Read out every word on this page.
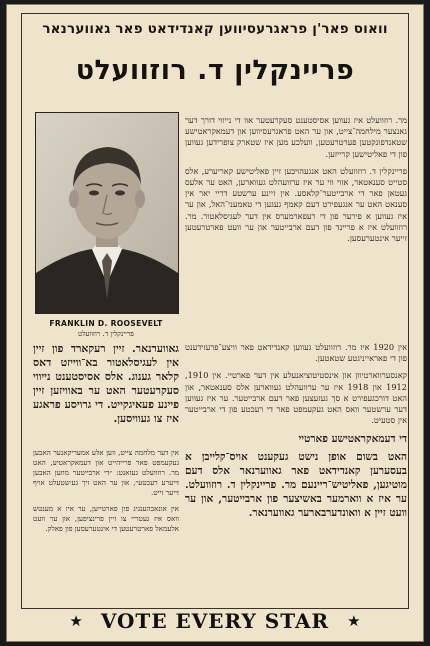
וואוס פאר'ן פראגרעסיווען קאנדידאט פאר גאווערנאר
פריינקלין ד. רוזוועלט
FRANKLIN D. ROOSEVELT
פריינקלין ד. רוזוועלט

מר. רוזוועלט איז געווען אסיסטענט סעקרעטער אוו די נייווי דורך דער גאנצער מילחמה־צייט, און ער האט פראגרעסיווען און דעמאקראטישע שטאנדפונקטען פערטרעטען, וועלכע מען איז שטארק צופרידען געווען פון די פאליטישען קרייזען.

פריינקלין ד. רוזוועלט האט אנגעהויבען זיין פאליטישע קאריערע, אלס סטייט סענאטאר, אזוי ווי ער איז ערוועהלט געווארען, האט ער אלעס געטאן פאר די ארבייטער־קלאסע. אין זיינע ערשטע דריי יאר אין סענאט האט ער אנגעפירט דעם קאמף געגען די טאמעני־האל, און ער איז געווען א פירער פון די רעפארמערס אין דער לעגיסלאטור. מר. רוזוועלט איז א פריינד פון דעם ארבייטער און ער וועט פארטרעטען זייער אינטערעסען.

אין 1920 איז מר. רוזוועלט געווען קאנדידאט פאר וויצע־פרעזידענט פון די פאראייניגטע שטאטען.

קאנסערווארטיוון און אינסטיטוציאנעלע אין דער פארטיי. אין 1910, 1912 און 1918 איז ער ערוועהלט געווארען אלס סענאטאר, און האט דורכגעפירט א סך געזעצען פאר דעם ארבייטער. ער איז געווען דער ערשטער וואס האט געקעמפט פאר די רעכטע פון די ארבייטער אין סטעיט.

די דעמאקראטישע פארטיי
האט בשום אופן נישט געקענט אויס־קלייבן א בעסערען קאנדידאט פאר גאווערנאר אלס דעם מוטיגען, פאליטיש־ריינעם מר. פריינקלין ד. רוזוועלט. ער איז א ווארמער באשיצער פון ארבייטער, און ער וועט זיין א וואונדערבארער גאווערנאר.

גאווערנאר. זיין רעקארד פון זיין אין לעגיסלאטור בא־ווייזט דאס קלאר גענוג. אלס אסיסטענט נייווי סעקרעטער האט ער באוויזען זיין פיינע פעאיגקייט. די גרויסע פראגע איז צו געוויסען.

אין דער מלחמה צייט, ווען אלע אמעריקאנער האבען געקעמפט פאר פרייהייט און דעמאקראטיע, האט מר. רוזוועלט געזאגט: ״די ארבייטער מוזען האבען זייערע רעכטע״, און ער האט זיך גע׳שטעלט אויף זייער זייט.

אין אונאבהענגיג פון פארטייען, ער איז א מענטש וואס איז געטריי צו זיין פרינציפען, און ער וועט אלעמאל פארטרעטען די אינטערעסען פון פאלק.

★ VOTE EVERY STAR ★
